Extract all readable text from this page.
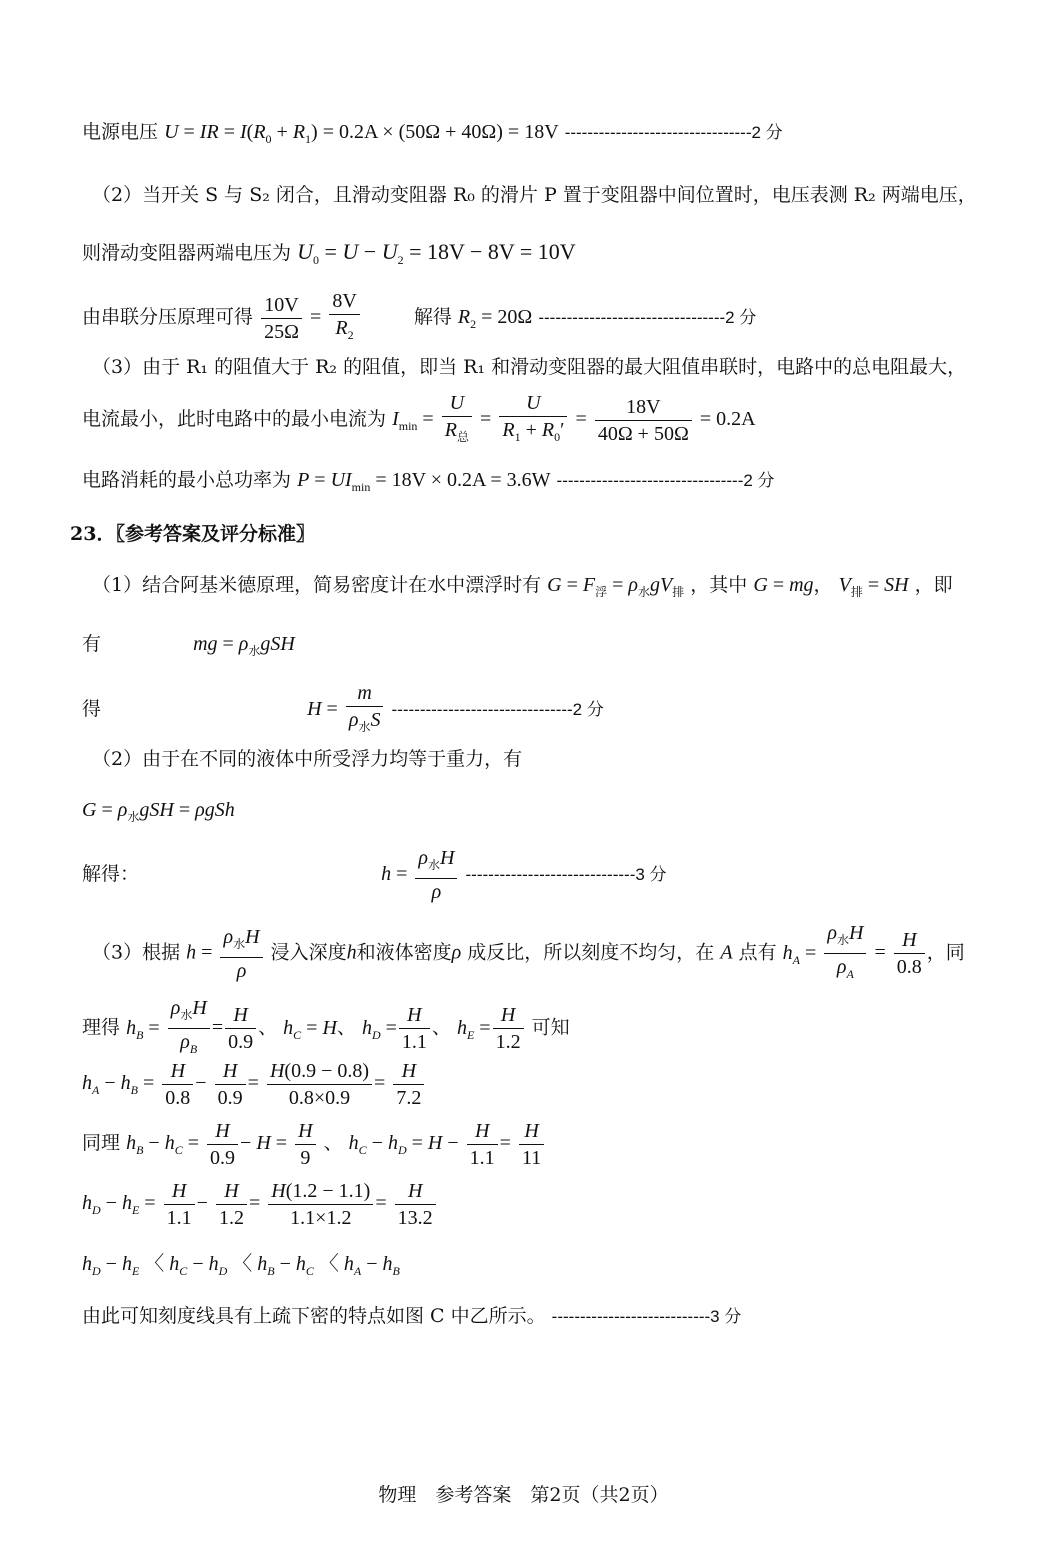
电源电压 U = IR = $I(R_0 + R_1) = 0.2A \times (50\Omega + 40\Omega) = 18V$ ---------------------------------2 分
（2）当开关 S 与 S₂ 闭合，且滑动变阻器 R₀ 的滑片 P 置于变阻器中间位置时，电压表测 R₂ 两端电压，
则滑动变阻器两端电压为 $U_0 = U - U_2 = 18V - 8V = 10V$
由串联分压原理可得 $\frac{10V}{25\Omega} = \frac{8V}{R_2}$	解得 $R_2 = 20\Omega$ ---------------------------------2 分
（3）由于 R₁ 的阻值大于 R₂ 的阻值，即当 R₁ 和滑动变阻器的最大阻值串联时，电路中的总电阻最大，
电流最小，此时电路中的最小电流为 $I_{min} = \frac{U}{R_总} = \frac{U}{R_1 + R_0'} = \frac{18V}{40\Omega + 50\Omega} = 0.2A$
电路消耗的最小总功率为 $P = UI_{min} = 18V \times 0.2A = 3.6W$ ---------------------------------2 分
23．〖参考答案及评分标准〗
（1）结合阿基米德原理，简易密度计在水中漂浮时有 $G = F_浮 = \rho_水gV_排$ ，其中 G = mg， $V_排$ = SH ，即
有	mg = $\rho_水gSH$
得	$H = \frac{m}{\rho_水S} --------------------------------2$ 分
（2）由于在不同的液体中所受浮力均等于重力，有
$G = \rho_水gSH = \rho gSh$
解得：	$h = \frac{\rho_水H}{\rho} ------------------------------3$ 分
（3）根据 $h = \frac{\rho_水H}{\rho}$ 浸入深度h和液体密度ρ 成反比，所以刻度不均匀，在 A 点有 $h_A = \frac{\rho_水H}{\rho_A} = \frac{H}{0.8}$ ，同
理得 $h_B = \frac{\rho_水H}{\rho_B} = \frac{H}{0.9}$ 、 $h_C = H$、 $h_D = \frac{H}{1.1}$ 、 $h_E = \frac{H}{1.2}$ 可知
$h_A - h_B = \frac{H}{0.8} - \frac{H}{0.9} = \frac{H(0.9 - 0.8)}{0.8\times 0.9} = \frac{H}{7.2}$
同理 $h_B - h_C = \frac{H}{0.9} - H = \frac{H}{9}$ 、 $h_C - h_D = H - \frac{H}{1.1} = \frac{H}{11}$
$h_D - h_E = \frac{H}{1.1} - \frac{H}{1.2} = \frac{H(1.2 - 1.1)}{1.1\times 1.2} = \frac{H}{13.2}$
$h_D - h_E$ 〈 $h_C - h_D$ 〈 $h_B - h_C$ 〈 $h_A - h_B$
由此可知刻度线具有上疏下密的特点如图 C 中乙所示。 ----------------------------3 分
物理　参考答案　第2页（共2页）
